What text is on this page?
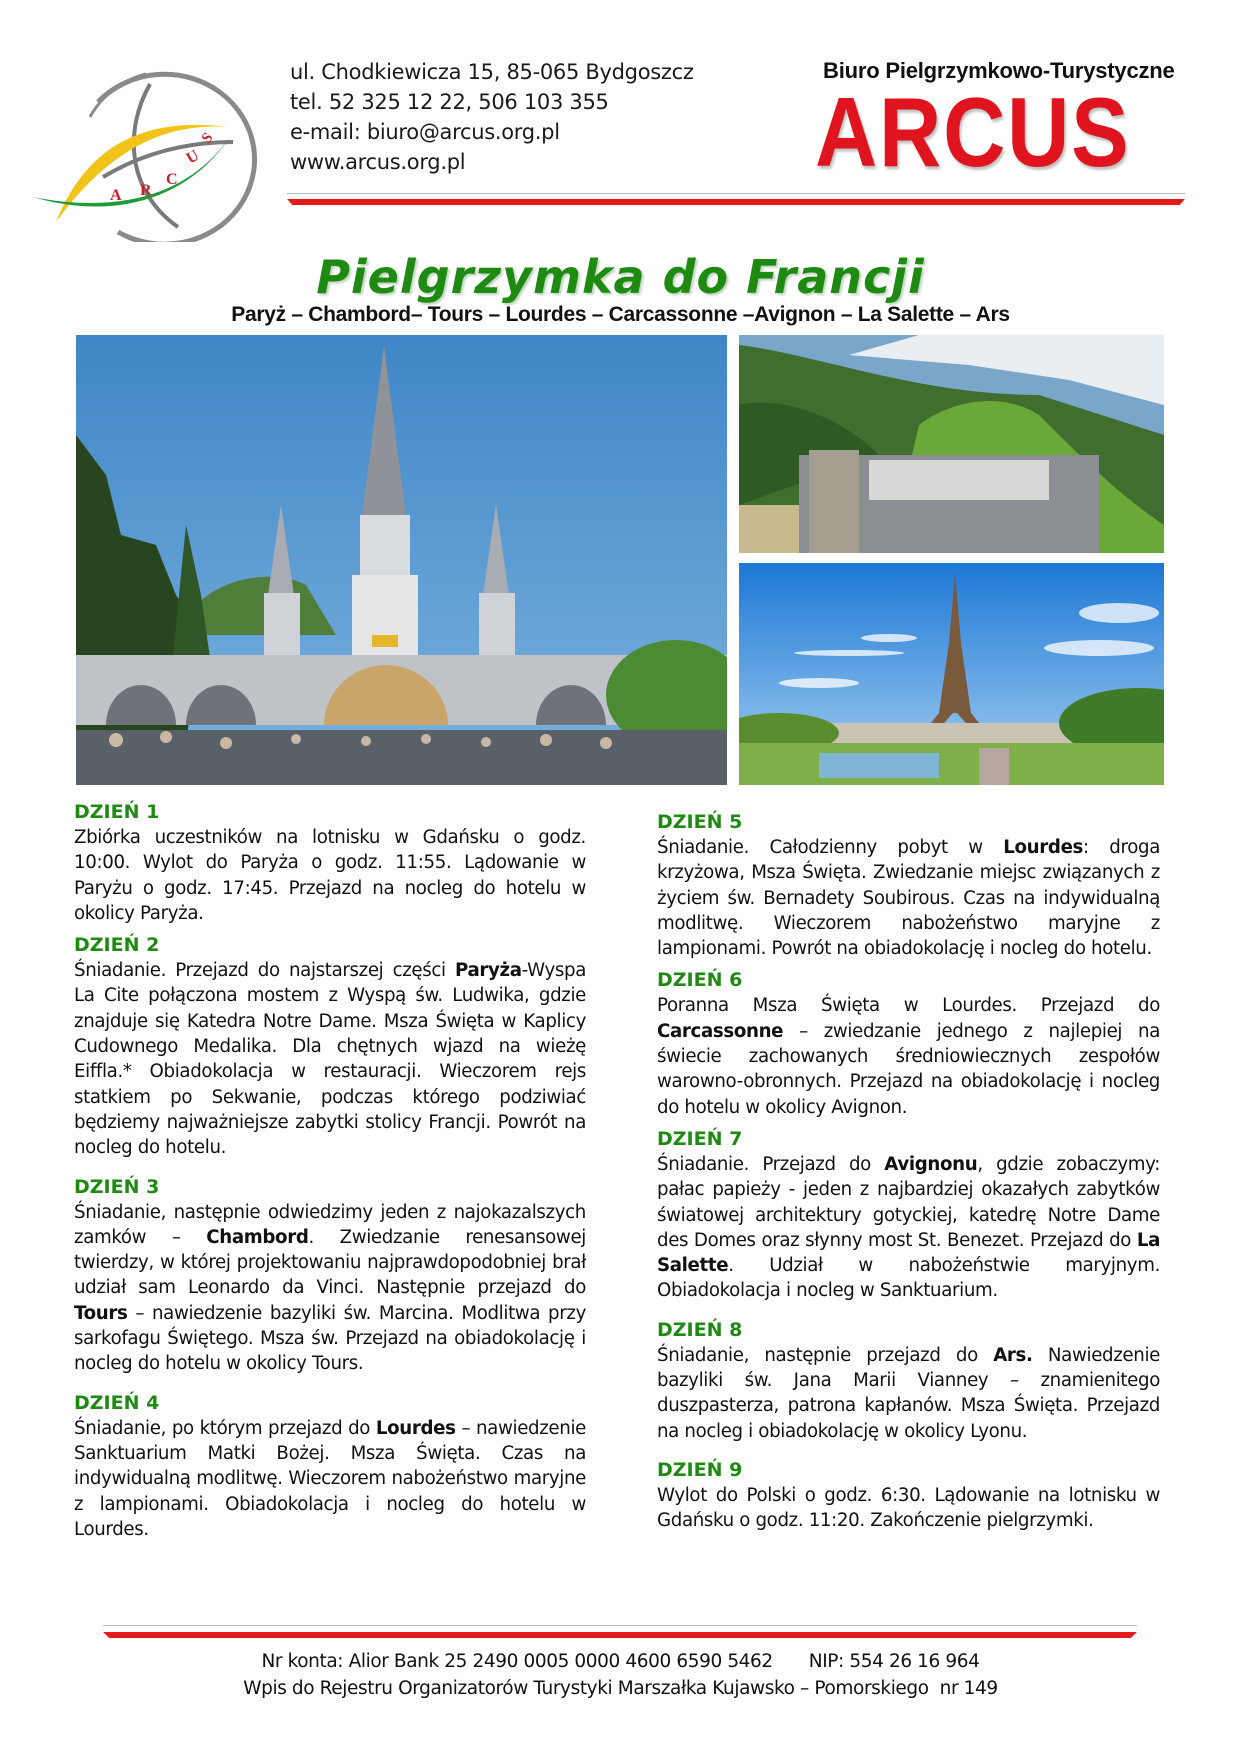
A R
C
U
S
ul. Chodkiewicza 15, 85-065 Bydgoszcz
tel. 52 325 12 22, 506 103 355
e-mail: biuro@arcus.org.pl
www.arcus.org.pl
Biuro Pielgrzymkowo-Turystyczne
ARCUS
Pielgrzymka do Francji
Paryż – Chambord– Tours – Lourdes – Carcassonne –Avignon – La Salette – Ars
DZIEŃ 1

Zbiórka uczestników na lotnisku w Gdańsku o godz. 10:00. Wylot do Paryża o godz. 11:55. Lądowanie w Paryżu o godz. 17:45. Przejazd na nocleg do hotelu w okolicy Paryża.

DZIEŃ 2

Śniadanie. Przejazd do najstarszej części Paryża-Wyspa La Cite połączona mostem z Wyspą św. Ludwika, gdzie znajduje się Katedra Notre Dame. Msza Święta w Kaplicy Cudownego Medalika. Dla chętnych wjazd na wieżę Eiffla.* Obiadokolacja w restauracji. Wieczorem rejs statkiem po Sekwanie, podczas którego podziwiać będziemy najważniejsze zabytki stolicy Francji. Powrót na nocleg do hotelu.

DZIEŃ 3

Śniadanie, następnie odwiedzimy jeden z najokazalszych zamków – Chambord. Zwiedzanie renesansowej twierdzy, w której projektowaniu najprawdopodobniej brał udział sam Leonardo da Vinci. Następnie przejazd do Tours – nawiedzenie bazyliki św. Marcina. Modlitwa przy sarkofagu Świętego. Msza św. Przejazd na obiadokolację i nocleg do hotelu w okolicy Tours.

DZIEŃ 4

Śniadanie, po którym przejazd do Lourdes – nawiedzenie Sanktuarium Matki Bożej. Msza Święta. Czas na indywidualną modlitwę. Wieczorem nabożeństwo maryjne z lampionami. Obiadokolacja i nocleg do hotelu w Lourdes.

DZIEŃ 5

Śniadanie. Całodzienny pobyt w Lourdes: droga krzyżowa, Msza Święta. Zwiedzanie miejsc związanych z życiem św. Bernadety Soubirous. Czas na indywidualną modlitwę. Wieczorem nabożeństwo maryjne z lampionami. Powrót na obiadokolację i nocleg do hotelu.

DZIEŃ 6

Poranna Msza Święta w Lourdes. Przejazd do Carcassonne – zwiedzanie jednego z najlepiej na świecie zachowanych średniowiecznych zespołów warowno-obronnych. Przejazd na obiadokolację i nocleg do hotelu w okolicy Avignon.

DZIEŃ 7

Śniadanie. Przejazd do Avignonu, gdzie zobaczymy: pałac papieży - jeden z najbardziej okazałych zabytków światowej architektury gotyckiej, katedrę Notre Dame des Domes oraz słynny most St. Benezet. Przejazd do La Salette. Udział w nabożeństwie maryjnym. Obiadokolacja i nocleg w Sanktuarium.

DZIEŃ 8

Śniadanie, następnie przejazd do Ars. Nawiedzenie bazyliki św. Jana Marii Vianney – znamienitego duszpasterza, patrona kapłanów. Msza Święta. Przejazd na nocleg i obiadokolację w okolicy Lyonu.

DZIEŃ 9

Wylot do Polski o godz. 6:30. Lądowanie na lotnisku w Gdańsku o godz. 11:20. Zakończenie pielgrzymki.

Nr konta: Alior Bank 25 2490 0005 0000 4600 6590 5462 NIP: 554 26 16 964
Wpis do Rejestru Organizatorów Turystyki Marszałka Kujawsko – Pomorskiego  nr 149
